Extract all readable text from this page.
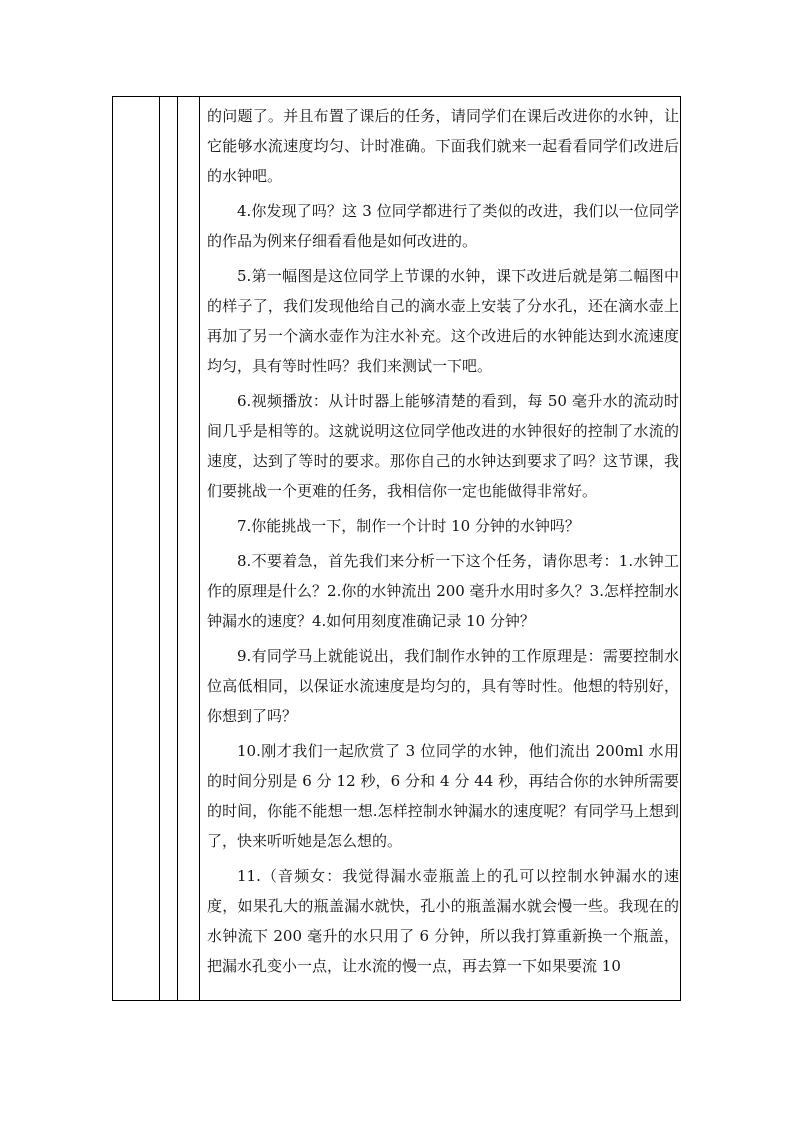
的问题了。并且布置了课后的任务，请同学们在课后改进你的水钟，让它能够水流速度均匀、计时准确。下面我们就来一起看看同学们改进后的水钟吧。

4.你发现了吗？这 3 位同学都进行了类似的改进，我们以一位同学的作品为例来仔细看看他是如何改进的。

5.第一幅图是这位同学上节课的水钟，课下改进后就是第二幅图中的样子了，我们发现他给自己的滴水壶上安装了分水孔，还在滴水壶上再加了另一个滴水壶作为注水补充。这个改进后的水钟能达到水流速度均匀，具有等时性吗？我们来测试一下吧。

6.视频播放：从计时器上能够清楚的看到，每 50 毫升水的流动时间几乎是相等的。这就说明这位同学他改进的水钟很好的控制了水流的速度，达到了等时的要求。那你自己的水钟达到要求了吗？这节课，我们要挑战一个更难的任务，我相信你一定也能做得非常好。

7.你能挑战一下，制作一个计时 10 分钟的水钟吗？

8.不要着急，首先我们来分析一下这个任务，请你思考：1.水钟工作的原理是什么？2.你的水钟流出 200 毫升水用时多久？3.怎样控制水钟漏水的速度？4.如何用刻度准确记录 10 分钟？

9.有同学马上就能说出，我们制作水钟的工作原理是：需要控制水位高低相同，以保证水流速度是均匀的，具有等时性。他想的特别好，你想到了吗？

10.刚才我们一起欣赏了 3 位同学的水钟，他们流出 200ml 水用的时间分别是 6 分 12 秒，6 分和 4 分 44 秒，再结合你的水钟所需要的时间，你能不能想一想.怎样控制水钟漏水的速度呢？有同学马上想到了，快来听听她是怎么想的。

11.（音频女：我觉得漏水壶瓶盖上的孔可以控制水钟漏水的速度，如果孔大的瓶盖漏水就快，孔小的瓶盖漏水就会慢一些。我现在的水钟流下 200 毫升的水只用了 6 分钟，所以我打算重新换一个瓶盖，把漏水孔变小一点，让水流的慢一点，再去算一下如果要流 10
